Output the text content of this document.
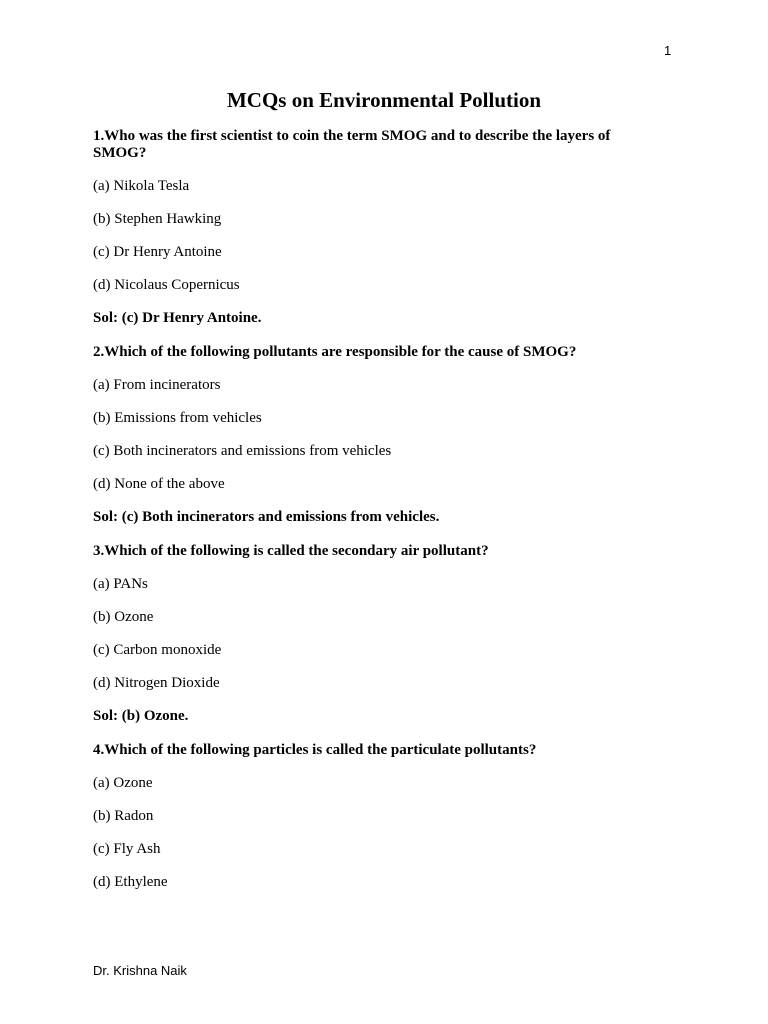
1
MCQs on Environmental Pollution

1.Who was the first scientist to coin the term SMOG and to describe the layers of SMOG?

(a) Nikola Tesla

(b) Stephen Hawking

(c) Dr Henry Antoine

(d) Nicolaus Copernicus

Sol: (c) Dr Henry Antoine.

2.Which of the following pollutants are responsible for the cause of SMOG?

(a) From incinerators

(b) Emissions from vehicles

(c) Both incinerators and emissions from vehicles

(d) None of the above

Sol: (c) Both incinerators and emissions from vehicles.

3.Which of the following is called the secondary air pollutant?

(a) PANs

(b) Ozone

(c) Carbon monoxide

(d) Nitrogen Dioxide

Sol: (b) Ozone.

4.Which of the following particles is called the particulate pollutants?

(a) Ozone

(b) Radon

(c) Fly Ash

(d) Ethylene

Dr. Krishna Naik
